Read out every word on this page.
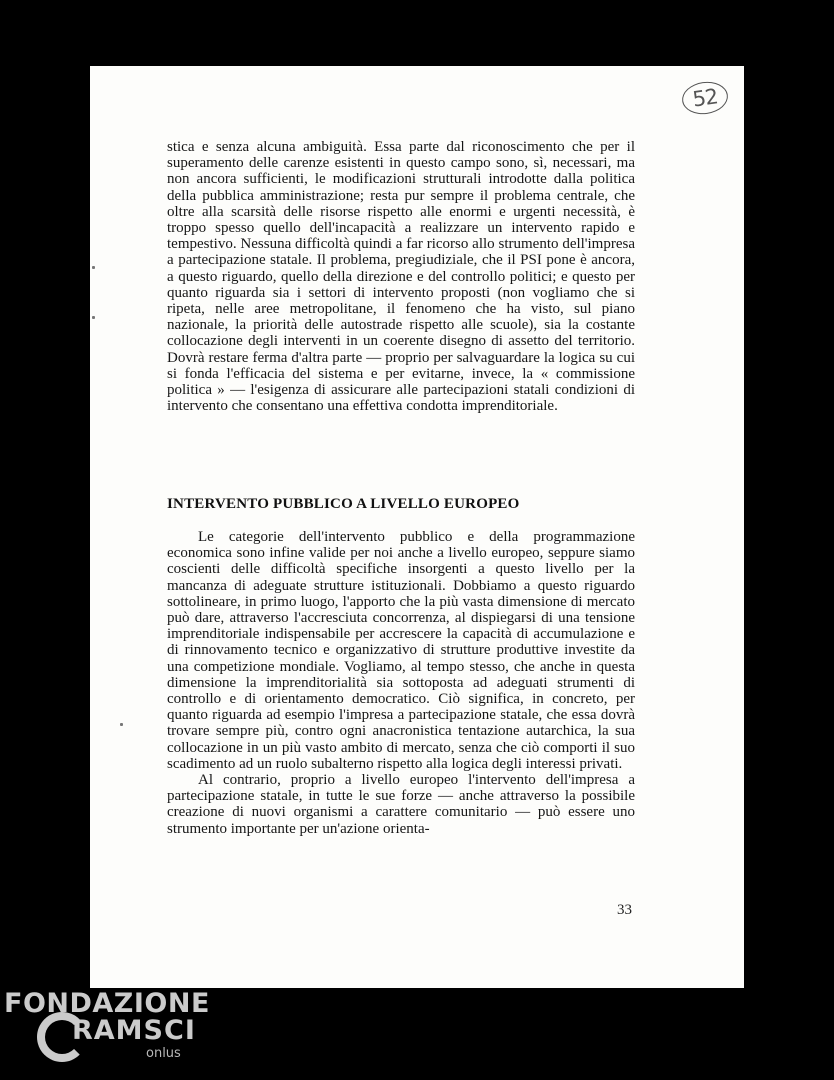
52

stica e senza alcuna ambiguità. Essa parte dal riconoscimento che per il superamento delle carenze esistenti in questo campo sono, sì, necessari, ma non ancora sufficienti, le modificazioni strutturali introdotte dalla politica della pubblica amministrazione; resta pur sempre il problema centrale, che oltre alla scarsità delle risorse rispetto alle enormi e urgenti necessità, è troppo spesso quello dell'incapacità a realizzare un intervento rapido e tempestivo. Nessuna difficoltà quindi a far ricorso allo strumento dell'impresa a partecipazione statale. Il problema, pregiudiziale, che il PSI pone è ancora, a questo riguardo, quello della direzione e del controllo politici; e questo per quanto riguarda sia i settori di intervento proposti (non vogliamo che si ripeta, nelle aree metropolitane, il fenomeno che ha visto, sul piano nazionale, la priorità delle autostrade rispetto alle scuole), sia la costante collocazione degli interventi in un coerente disegno di assetto del territorio. Dovrà restare ferma d'altra parte — proprio per salvaguardare la logica su cui si fonda l'efficacia del sistema e per evitarne, invece, la « commissione politica » — l'esigenza di assicurare alle partecipazioni statali condizioni di intervento che consentano una effettiva condotta imprenditoriale.

INTERVENTO PUBBLICO A LIVELLO EUROPEO

Le categorie dell'intervento pubblico e della programmazione economica sono infine valide per noi anche a livello europeo, seppure siamo coscienti delle difficoltà specifiche insorgenti a questo livello per la mancanza di adeguate strutture istituzionali. Dobbiamo a questo riguardo sottolineare, in primo luogo, l'apporto che la più vasta dimensione di mercato può dare, attraverso l'accresciuta concorrenza, al dispiegarsi di una tensione imprenditoriale indispensabile per accrescere la capacità di accumulazione e di rinnovamento tecnico e organizzativo di strutture produttive investite da una competizione mondiale. Vogliamo, al tempo stesso, che anche in questa dimensione la imprenditorialità sia sottoposta ad adeguati strumenti di controllo e di orientamento democratico. Ciò significa, in concreto, per quanto riguarda ad esempio l'impresa a partecipazione statale, che essa dovrà trovare sempre più, contro ogni anacronistica tentazione autarchica, la sua collocazione in un più vasto ambito di mercato, senza che ciò comporti il suo scadimento ad un ruolo subalterno rispetto alla logica degli interessi privati.

Al contrario, proprio a livello europeo l'intervento dell'impresa a partecipazione statale, in tutte le sue forze — anche attraverso la possibile creazione di nuovi organismi a carattere comunitario — può essere uno strumento importante per un'azione orienta-

33
FONDAZIONE
RAMSCI
onlus
